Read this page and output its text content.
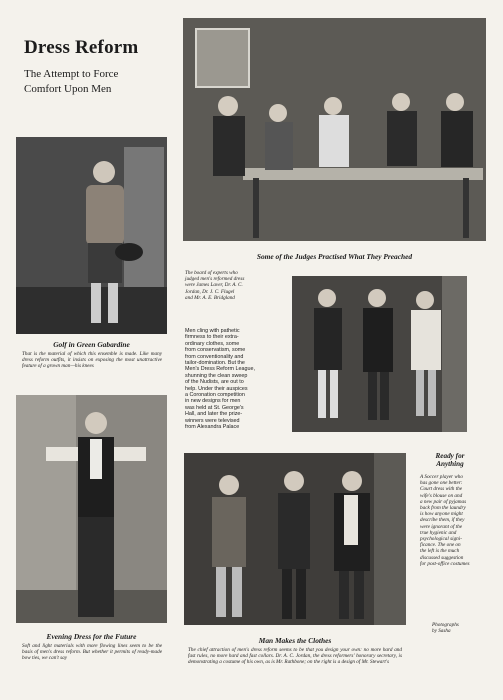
Dress Reform
The Attempt to Force
Comfort Upon Men
Golf in Green Gabardine
That is the material of which this ensemble is made. Like many dress reform outfits, it insists on exposing the most unattractive feature of a grown man—his knees
Some of the Judges Practised What They Preached
The board of experts who
judged men's reformed dress
were James Laver, Dr. A. C.
Jordan, Dr. J. C. Flugel
and Mr. A. E. Bridgland
Men cling with pathetic
firmness to their extra-
ordinary clothes, some
from conservatism, some
from conventionality and
tailor-domination. But the
Men's Dress Reform League,
shunning the clean sweep
of the Nudists, are out to
help. Under their auspices
a Coronation competition
in new designs for men
was held at St. George's
Hall, and later the prize-
winners were televised
from Alexandra Palace
Ready for
Anything
A Soccer player who
has gone one better:
Court dress with the
wife's blouse on and
a new pair of pyjamas
back from the laundry
is how anyone might
describe them, if they
were ignorant of the
true hygienic and
psychological signi-
ficance. The one on
the left is the much
discussed suggestion
for post-office costumes
Evening Dress for the Future
Soft and light materials with more flowing lines seem to be the basis of men's dress reform. But whether it permits of ready-made bow ties, we can't say
Man Makes the Clothes
The chief attraction of men's dress reform seems to be that you design your own: no more hard and fast rules, no more hard and fast collars. Dr. A. C. Jordan, the dress reformers' honorary secretary, is demonstrating a costume of his own, as is Mr. Rathbone; on the right is a design of Mr. Stewart's
Photographs
by Sasha
